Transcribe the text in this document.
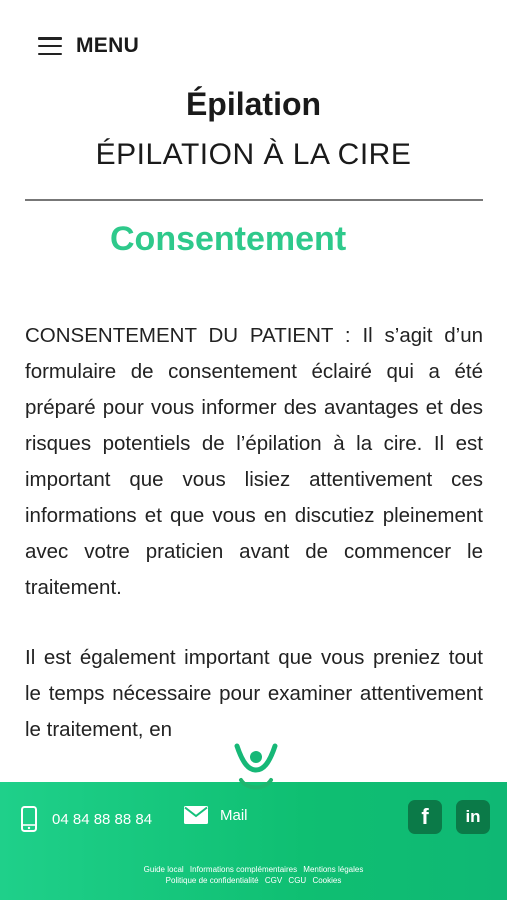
MENU
Épilation
ÉPILATION À LA CIRE
Consentement

CONSENTEMENT DU PATIENT : Il s’agit d’un formulaire de consentement éclairé qui a été préparé pour vous informer des avantages et des risques potentiels de l’épilation à la cire. Il est important que vous lisiez attentivement ces informations et que vous en discutiez pleinement avec votre praticien avant de commencer le traitement.

Il est également important que vous preniez tout le temps nécessaire pour examiner attentivement le traitement, en

04 84 88 88 84	Mail	f	in
Guide local Informations complémentaires Mentions légales
Politique de confidentialité CGV CGU Cookies
